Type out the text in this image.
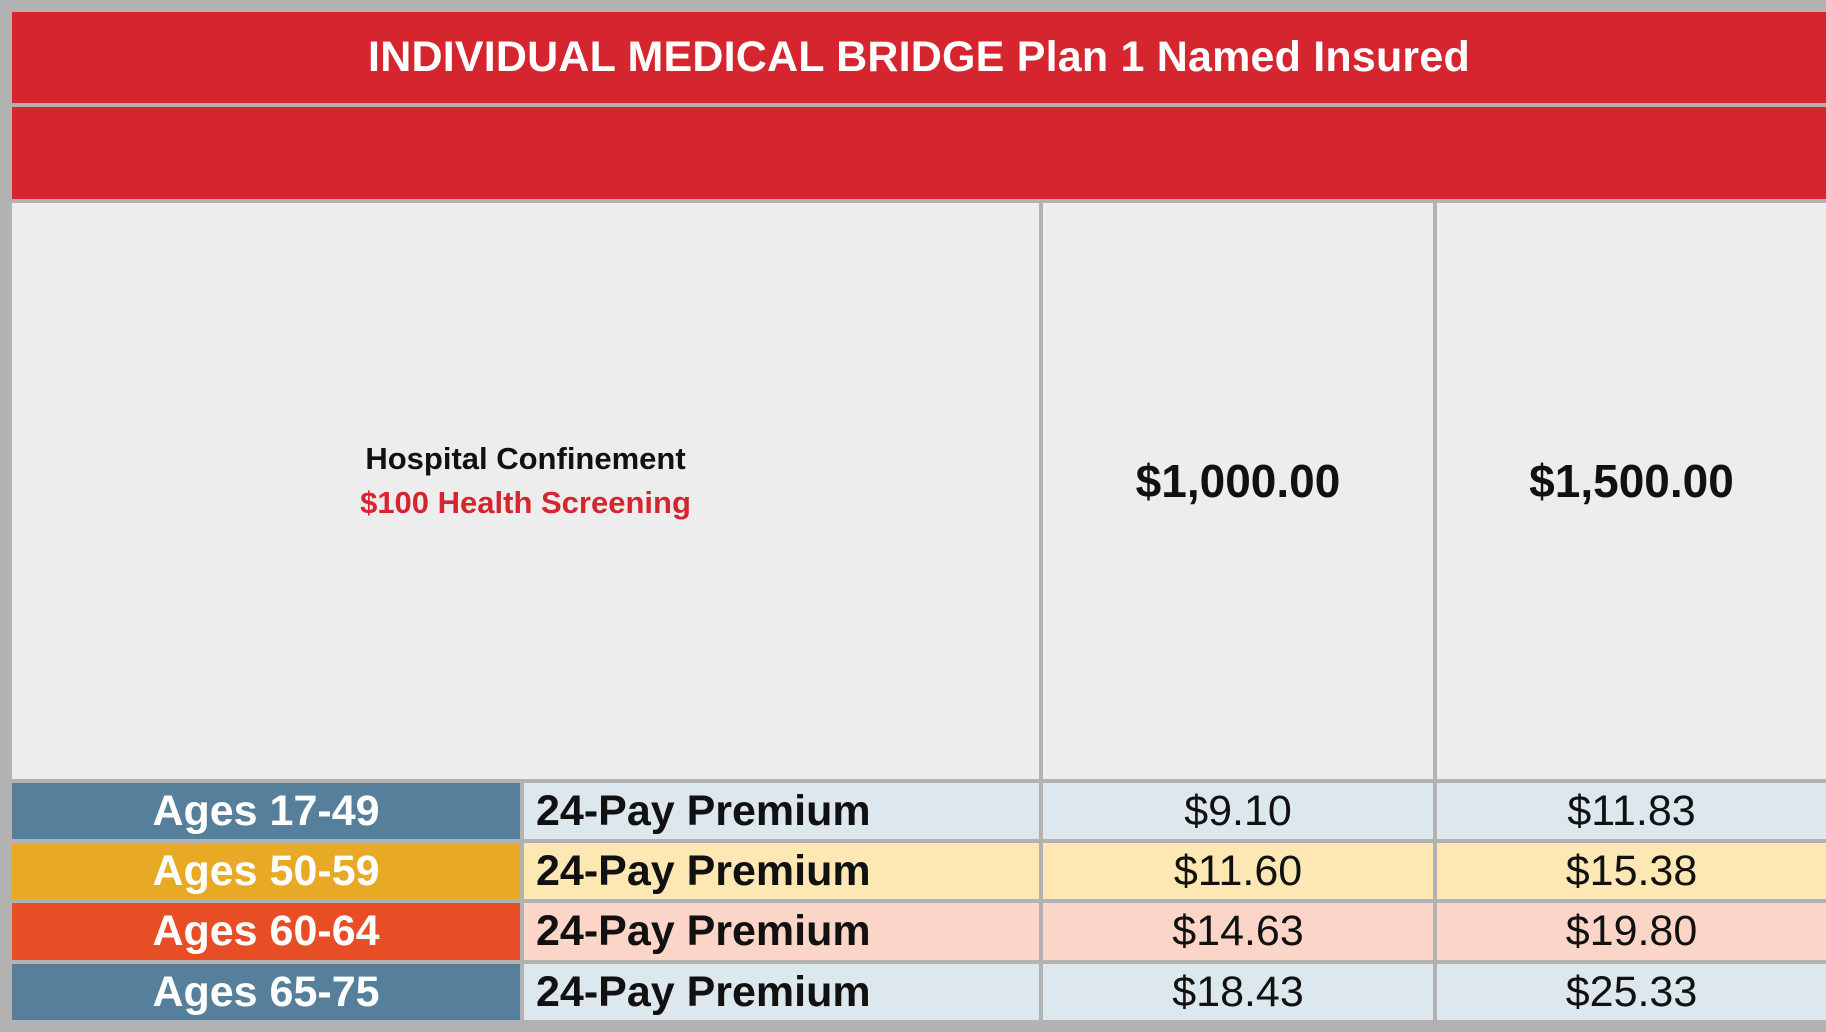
INDIVIDUAL MEDICAL BRIDGE Plan 1 Named Insured
Hospital Confinement
$100 Health Screening	$1,000.00	$1,500.00
Ages 17-49	24-Pay Premium	$9.10	$11.83
Ages 50-59	24-Pay Premium	$11.60	$15.38
Ages 60-64	24-Pay Premium	$14.63	$19.80
Ages 65-75	24-Pay Premium	$18.43	$25.33
